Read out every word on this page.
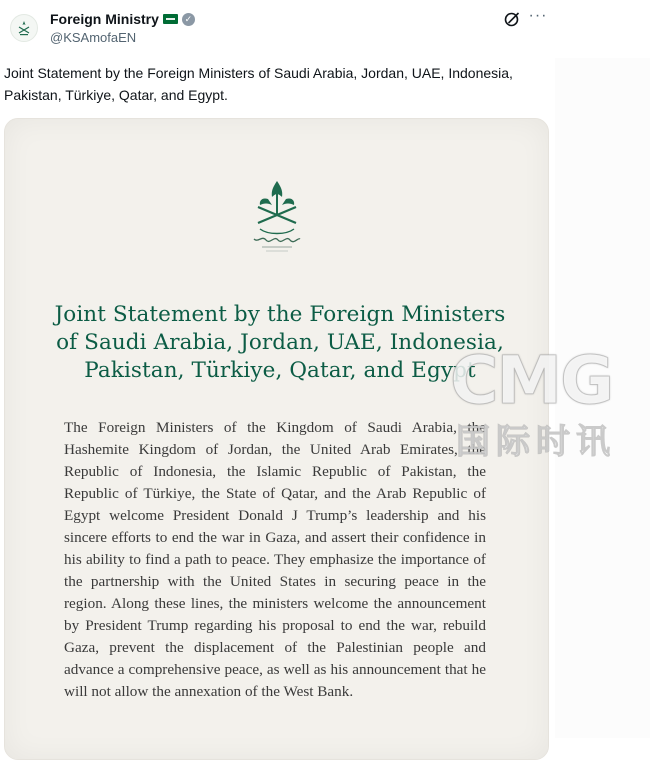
Foreign Ministry	✓
@KSAmofaEN
···
Joint Statement by the Foreign Ministers of Saudi Arabia, Jordan, UAE, Indonesia, Pakistan, Türkiye, Qatar, and Egypt.
Joint Statement by the Foreign Ministers of Saudi Arabia, Jordan, UAE, Indonesia, Pakistan, Türkiye, Qatar, and Egypt
The Foreign Ministers of the Kingdom of Saudi Arabia, the Hashemite Kingdom of Jordan, the United Arab Emirates, the Republic of Indonesia, the Islamic Republic of Pakistan, the Republic of Türkiye, the State of Qatar, and the Arab Republic of Egypt welcome President Donald J Trump’s leadership and his sincere efforts to end the war in Gaza, and assert their confidence in his ability to find a path to peace. They emphasize the importance of the partnership with the United States in securing peace in the region. Along these lines, the ministers welcome the announcement by President Trump regarding his proposal to end the war, rebuild Gaza, prevent the displacement of the Palestinian people and advance a comprehensive peace, as well as his announcement that he will not allow the annexation of the West Bank.
CMG
国际时讯
